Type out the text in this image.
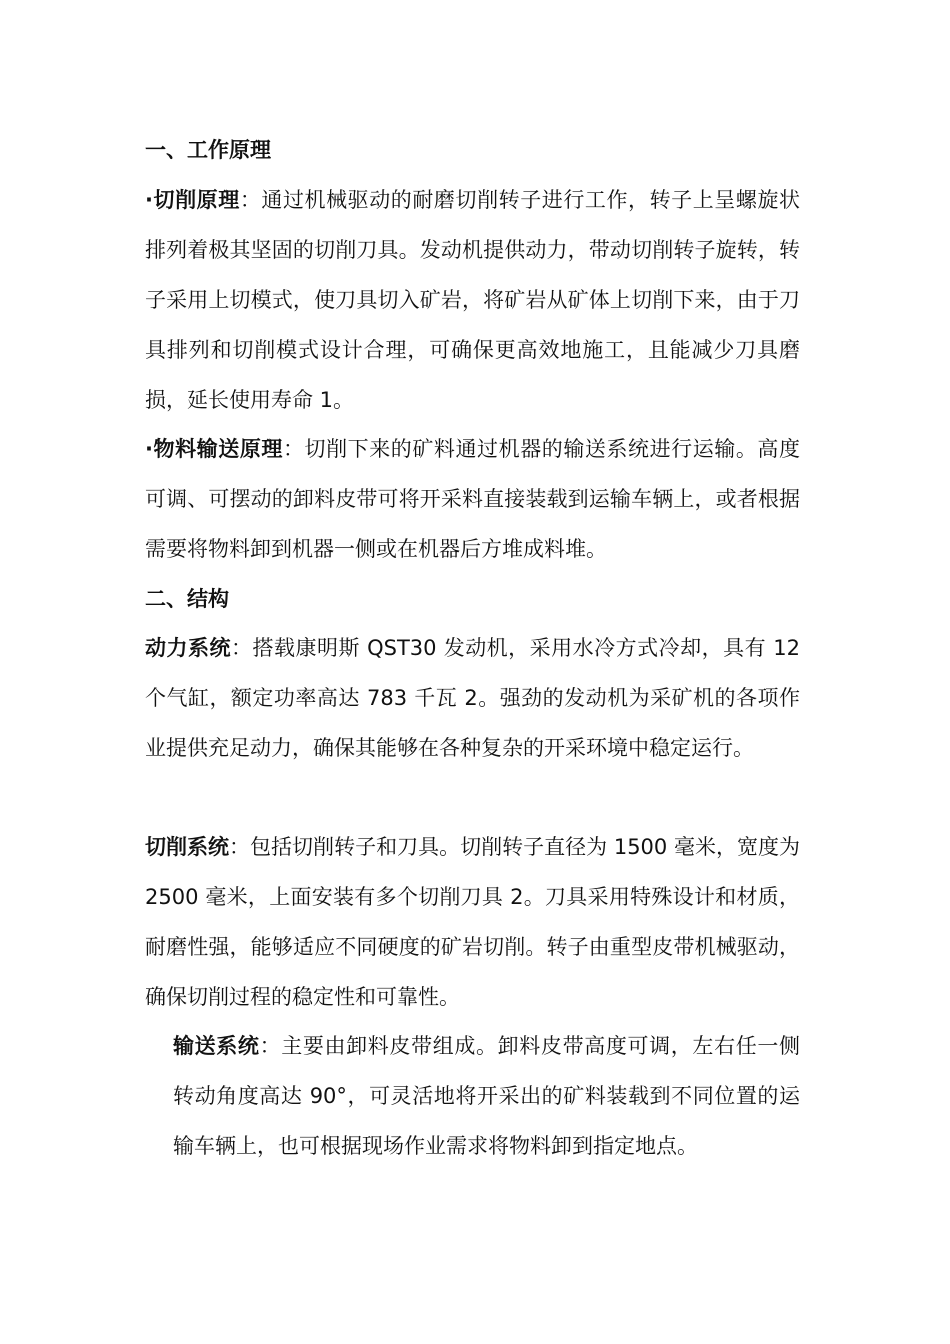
一、工作原理

·切削原理：通过机械驱动的耐磨切削转子进行工作，转子上呈螺旋状排列着极其坚固的切削刀具。发动机提供动力，带动切削转子旋转，转子采用上切模式，使刀具切入矿岩，将矿岩从矿体上切削下来，由于刀具排列和切削模式设计合理，可确保更高效地施工，且能减少刀具磨损，延长使用寿命 1。

·物料输送原理：切削下来的矿料通过机器的输送系统进行运输。高度可调、可摆动的卸料皮带可将开采料直接装载到运输车辆上，或者根据需要将物料卸到机器一侧或在机器后方堆成料堆。

二、结构

动力系统：搭载康明斯 QST30 发动机，采用水冷方式冷却，具有 12 个气缸，额定功率高达 783 千瓦 2。强劲的发动机为采矿机的各项作业提供充足动力，确保其能够在各种复杂的开采环境中稳定运行。

切削系统：包括切削转子和刀具。切削转子直径为 1500 毫米，宽度为 2500 毫米，上面安装有多个切削刀具 2。刀具采用特殊设计和材质，耐磨性强，能够适应不同硬度的矿岩切削。转子由重型皮带机械驱动，确保切削过程的稳定性和可靠性。

输送系统：主要由卸料皮带组成。卸料皮带高度可调，左右任一侧转动角度高达 90°，可灵活地将开采出的矿料装载到不同位置的运输车辆上，也可根据现场作业需求将物料卸到指定地点。
